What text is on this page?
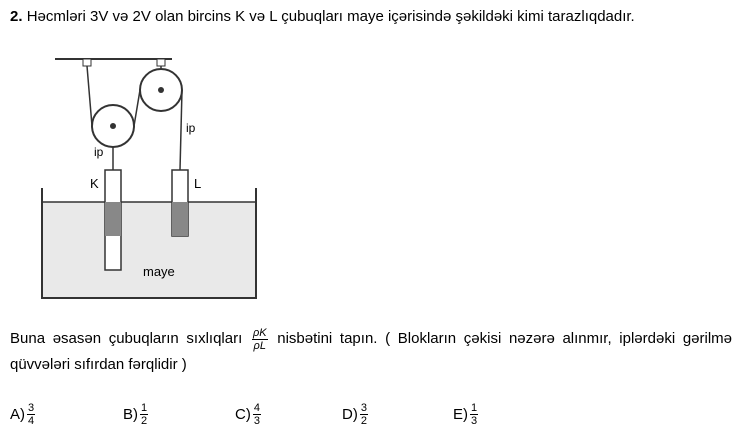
2. Həcmləri 3V və 2V olan bircins K və L çubuqları maye içərisində şəkildəki kimi tarazlıqdadır.
ip
ip
K	L
maye
Buna əsasən çubuqların sıxlıqları $\frac{\rho K}{\rho L}$ nisbətini tapın. ( Blokların çəkisi nəzərə alınmır, iplərdəki gərilmə qüvvələri sıfırdan fərqlidir )
$A) \frac{3}{4}$	$B) \frac{1}{2}$	$C) \frac{4}{3}$	$D) \frac{3}{2}$	$E) \frac{1}{3}$
